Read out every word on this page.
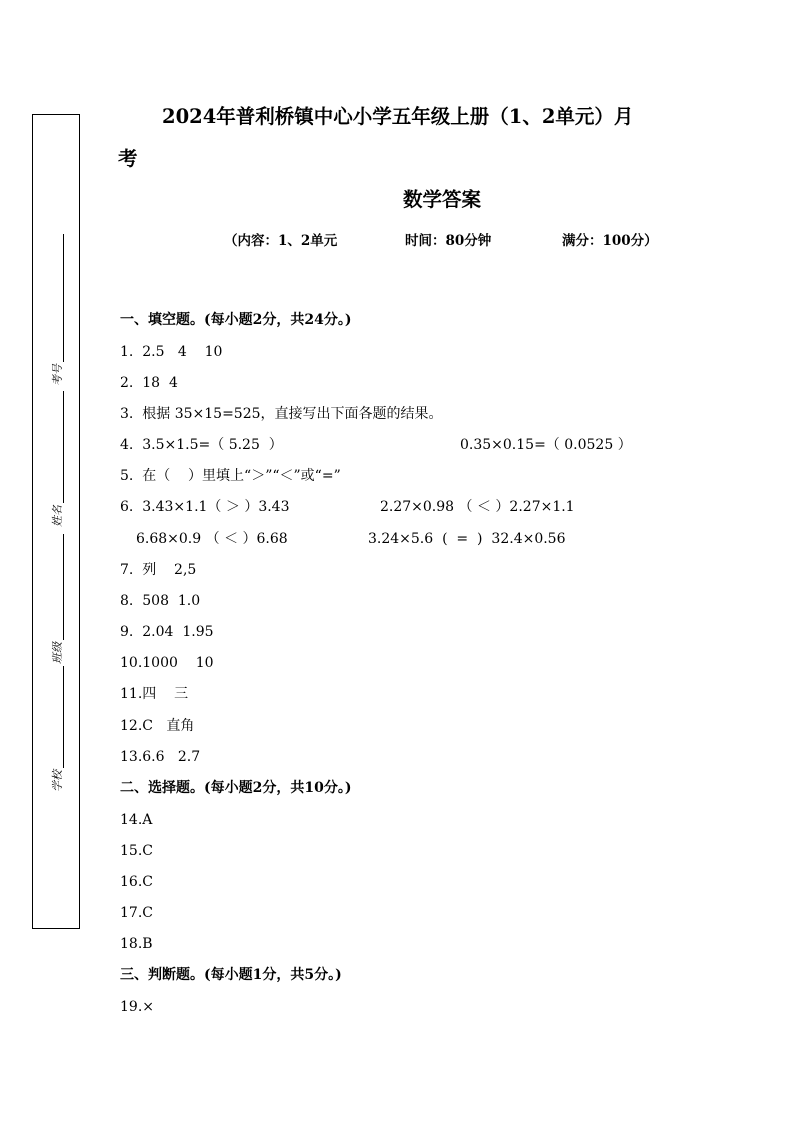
考号
姓名
班级
学校
2024年普利桥镇中心小学五年级上册（1、2单元）月
考
数学答案
（内容：1、2单元	时间：80分钟	满分：100分）
一、填空题。(每小题2分，共24分。)
1.  2.5   4    10
2.  18  4
3.  根据 35×15=525，直接写出下面各题的结果。
4.  3.5×1.5=（ 5.25  ）	0.35×0.15=（ 0.0525 ）
5.  在（    ）里填上“＞”“＜”或“=”
6.  3.43×1.1（ ＞ ）3.43	2.27×0.98 （ ＜ ）2.27×1.1
6.68×0.9 （ ＜ ）6.68	3.24×5.6  (  =  )  32.4×0.56
7.  列    2,5
8.  508  1.0
9.  2.04  1.95
10.1000    10
11.四    三
12.C   直角
13.6.6   2.7
二、选择题。(每小题2分，共10分。)
14.A
15.C
16.C
17.C
18.B
三、判断题。(每小题1分，共5分。)
19.×
